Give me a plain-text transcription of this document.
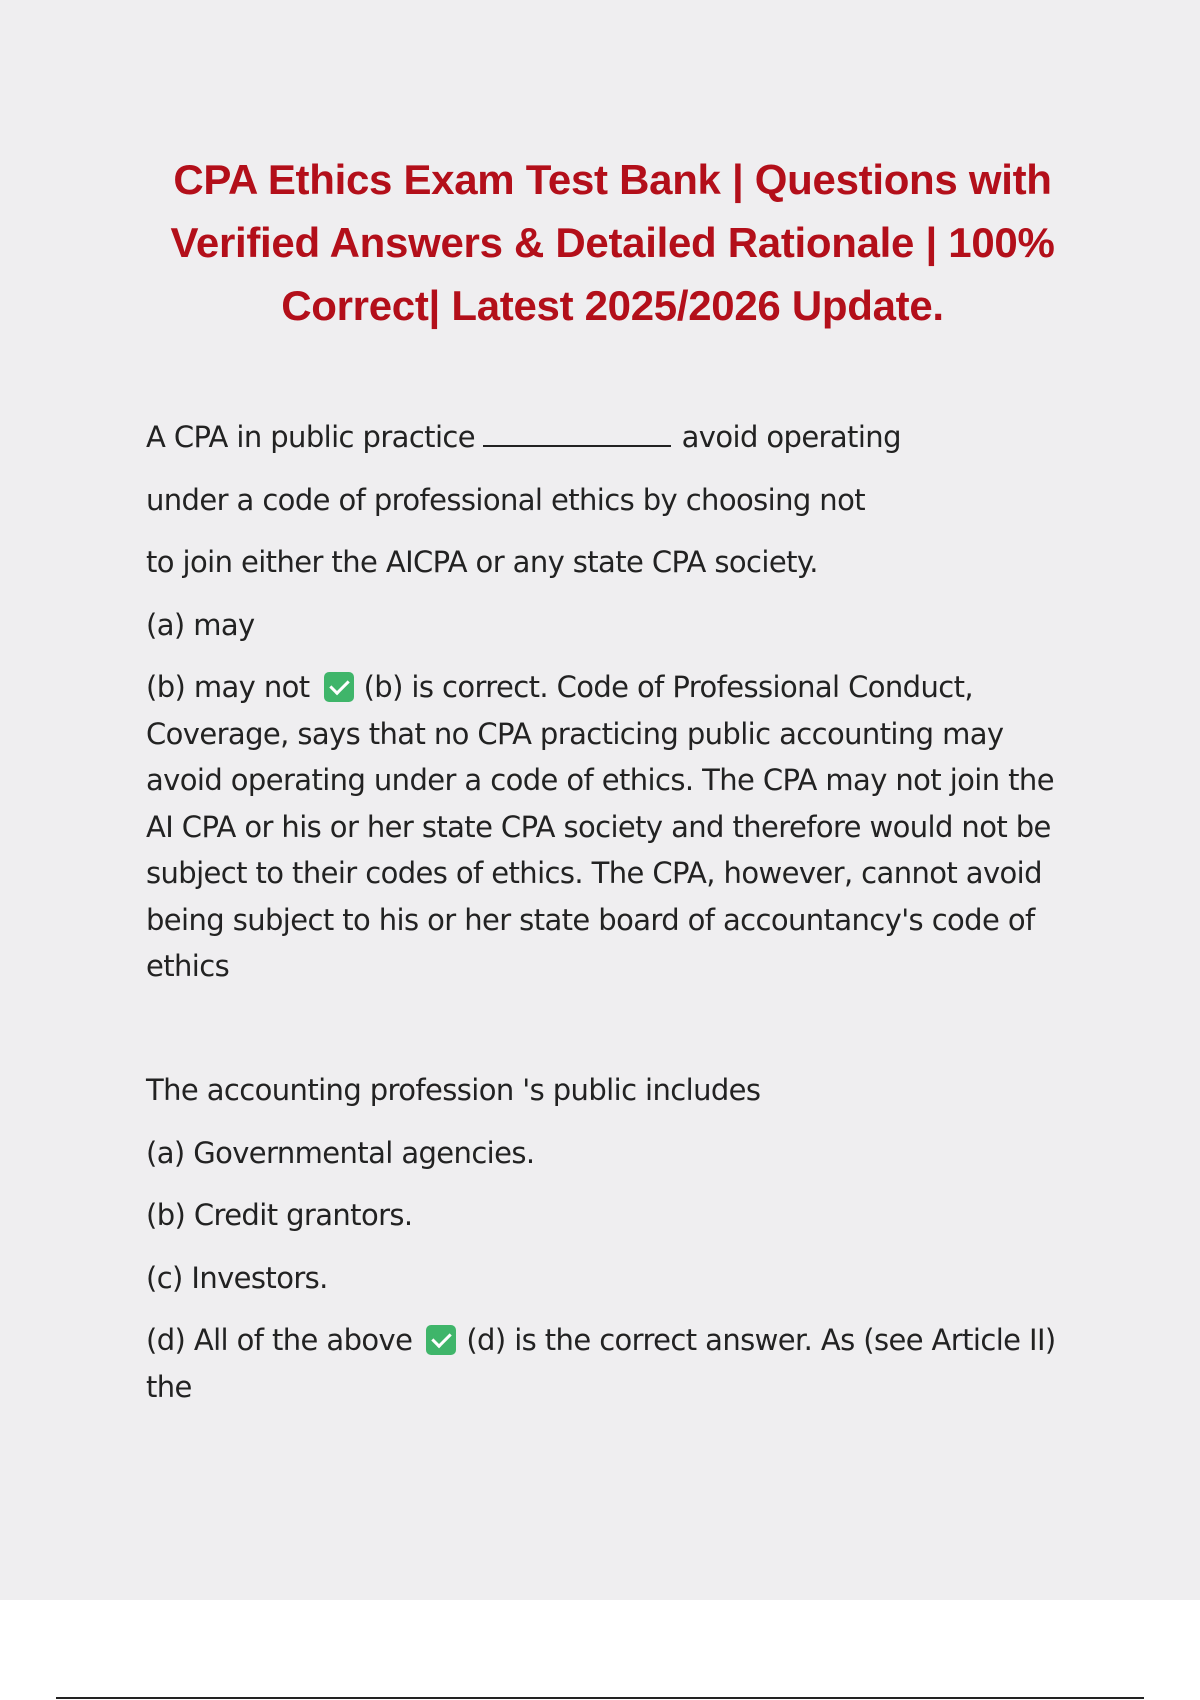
CPA Ethics Exam Test Bank | Questions with Verified Answers & Detailed Rationale | 100% Correct| Latest 2025/2026 Update.
A CPA in public practice	avoid operating
under a code of professional ethics by choosing not
to join either the AICPA or any state CPA society.
(a) may
(b) may not (b) is correct. Code of Professional Conduct, Coverage, says that no CPA practicing public accounting may avoid operating under a code of ethics. The CPA may not join the AI CPA or his or her state CPA society and therefore would not be subject to their codes of ethics. The CPA, however, cannot avoid being subject to his or her state board of accountancy's code of ethics
The accounting profession 's public includes
(a) Governmental agencies.
(b) Credit grantors.
(c) Investors.
(d) All of the above (d) is the correct answer. As (see Article II) the
